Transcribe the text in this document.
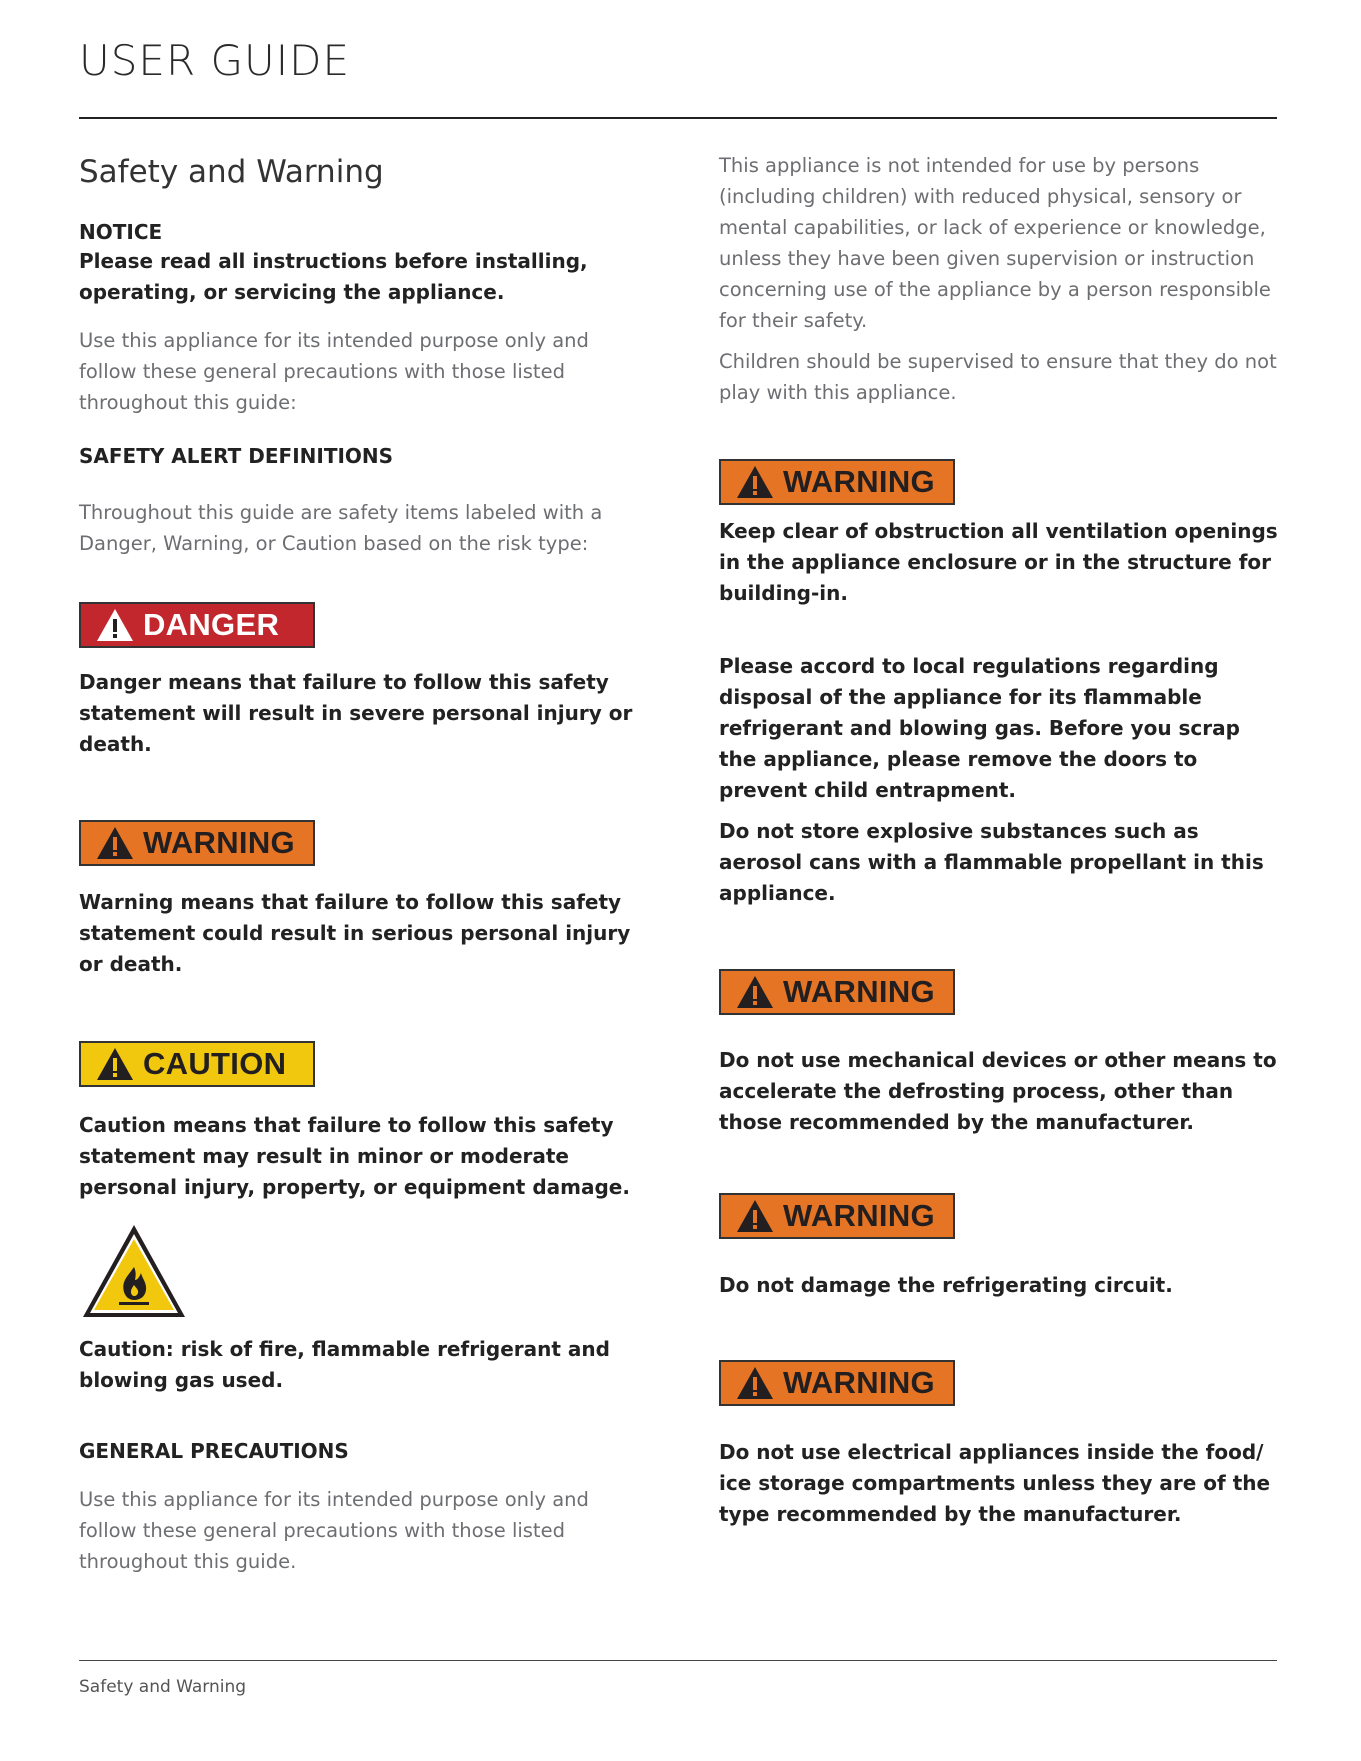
USER GUIDE
Safety and Warning

NOTICE

Please read all instructions before installing, operating, or servicing the appliance.

Use this appliance for its intended purpose only and follow these general precautions with those listed throughout this guide:

SAFETY ALERT DEFINITIONS

Throughout this guide are safety items labeled with a Danger, Warning, or Caution based on the risk type:

DANGER

Danger means that failure to follow this safety statement will result in severe personal injury or death.

WARNING

Warning means that failure to follow this safety statement could result in serious personal injury or death.

CAUTION

Caution means that failure to follow this safety statement may result in minor or moderate personal injury, property, or equipment damage.

Caution: risk of fire, flammable refrigerant and blowing gas used.

GENERAL PRECAUTIONS

Use this appliance for its intended purpose only and follow these general precautions with those listed throughout this guide.

This appliance is not intended for use by persons (including children) with reduced physical, sensory or mental capabilities, or lack of experience or knowledge, unless they have been given supervision or instruction concerning use of the appliance by a person responsible for their safety.

Children should be supervised to ensure that they do not play with this appliance.

WARNING

Keep clear of obstruction all ventilation openings in the appliance enclosure or in the structure for building-in.

Please accord to local regulations regarding disposal of the appliance for its flammable refrigerant and blowing gas. Before you scrap the appliance, please remove the doors to prevent child entrapment.

Do not store explosive substances such as aerosol cans with a flammable propellant in this appliance.

WARNING

Do not use mechanical devices or other means to accelerate the defrosting process, other than those recommended by the manufacturer.

WARNING

Do not damage the refrigerating circuit.

WARNING

Do not use electrical appliances inside the food/ ice storage compartments unless they are of the type recommended by the manufacturer.

Safety and Warning
